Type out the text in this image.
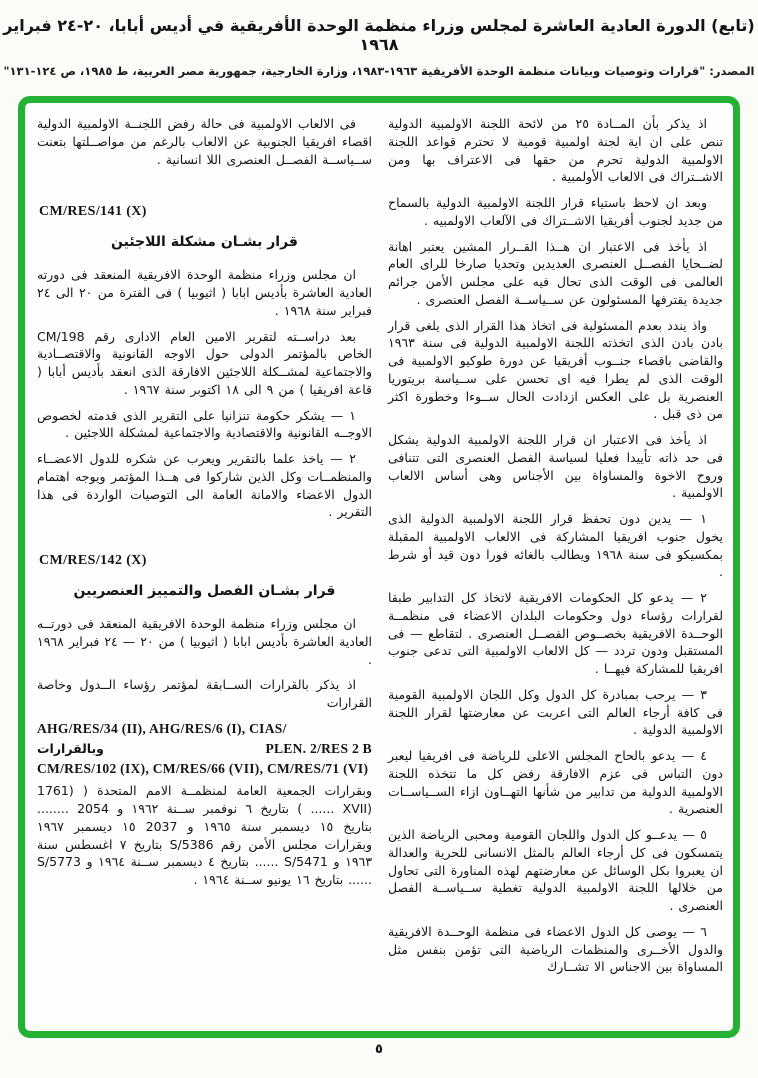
(تابع) الدورة العادية العاشرة لمجلس وزراء منظمة الوحدة الأفريقية في أديس أبابا، ٢٠-٢٤ فبراير ١٩٦٨
المصدر: "قرارات وتوصيات وبيانات منظمة الوحدة الأفريقية ١٩٦٣-١٩٨٣، وزارة الخارجية، جمهورية مصر العربية، ط ١٩٨٥، ص ١٢٤-١٣١"

اذ يذكر بأن المــادة ٢٥ من لائحة اللجنة الاولمبية الدولية تنص على ان اية لجنة اولمبية قومية لا تحترم قواعد اللجنة الاولمبية الدولية تحرم من حقها فى الاعتراف بها ومن الاشــتراك فى الالعاب الأولمبية .

وبعد ان لاحظ باستياء قرار اللجنة الاولمبية الدولية بالسماح من جديد لجنوب أفريقيا الاشــتراك فى الآلعاب الاولمبيه .

اذ يأخذ فى الاعتبار ان هــذا القــرار المشين يعتبر اهانة لضــحايا الفصــل العنصرى العديدين وتحديا صارخا للراى العام العالمى فى الوقت الذى تحال فيه على مجلس الأمن جرائم جديدة يقترفها المسئولون عن ســياســة الفصل العنصرى .

واذ يندد بعدم المسئولية فى اتخاذ هذا القرار الذى يلغى قرار بادن بادن الذى اتخذته اللجنة الاولمبية الدولية فى سنة ١٩٦٣ والقاضى باقصاء جنــوب أفريقيا عن دورة طوكيو الاولمبية فى الوقت الذى لم يطرا فيه اى تحسن على ســياسة بريتوريا العنصرية بل على العكس ازدادت الحال ســوءا وخطورة اكثر من ذى قبل .

اذ يأخذ فى الاعتبار ان قرار اللجنة الاولمبية الدولية يشكل فى حد ذاته تأييدا فعليا لسياسة الفصل العنصرى التى تتنافى وروح الاخوة والمساواة بين الأجناس وهى أساس الالعاب الاولمبية .

١ — يدين دون تحفظ قرار اللجنة الاولمبية الدولية الذى يخول جنوب افريقيا المشاركة فى الالعاب الاولمبية المقبلة بمكسيكو فى سنة ١٩٦٨ ويطالب بالغائه فورا دون قيد أو شرط .

٢ — يدعو كل الحكومات الافريقية لاتخاذ كل التدابير طبقا لقرارات رؤساء دول وحكومات البلدان الاعضاء فى منظمــة الوحــدة الافريقية بخصــوص الفصــل العنصرى . لتقاطع — فى المستقبل ودون تردد — كل الالعاب الاولمبية التى تدعى جنوب افريقيا للمشاركة فيهــا .

٣ — يرحب بمبادرة كل الدول وكل اللجان الاولمبية القومية فى كافة أرجاء العالم التى اعربت عن معارضتها لقرار اللجنة الاولمبية الدولية .

٤ — يدعو بالحاح المجلس الاعلى للرياضة فى افريقيا ليعبر دون التباس فى عزم الافارقة رفض كل ما تتخذه اللجنة الاولمبية الدولية من تدابير من شأنها التهــاون ازاء الســياســات العنصرية .

٥ — يدعــو كل الدول واللجان القومية ومحبى الرياضة الذين يتمسكون فى كل أرجاء العالم بالمثل الانسانى للحرية والعدالة ان يعبروا بكل الوسائل عن معارضتهم لهذه المناورة التى تحاول من خلالها اللجنة الاولمبية الدولية تغطية ســياســة الفصل العنصرى .

٦ — يوصى كل الدول الاعضاء فى منظمة الوحــدة الافريقية والدول الأخــرى والمنظمات الرياضية التى تؤمن بنفس مثل المساواة بين الاجناس الا تشــارك

فى الالعاب الاولمبية فى حالة رفض اللجنــة الاولمبية الدولية اقصاء افريقيا الجنوبية عن الالعاب بالرغم من مواصــلتها بتعنت ســياســة الفصــل العنصرى اللا انسانية .

CM/RES/141 (X)
قرار بشـان مشكلة اللاجئين

ان مجلس وزراء منظمة الوحدة الافريقية المنعقد فى دورته العادية العاشرة بأديس ابابا ( اثيوبيا ) فى الفترة من ٢٠ الى ٢٤ فبراير سنة ١٩٦٨ .

بعد دراســته لتقرير الامين العام الادارى رقم CM/198 الخاص بالمؤتمر الدولى حول الاوجه القانونية والاقتصــادية والاجتماعية لمشــكلة اللاجئين الافارقة الذى انعقد بأديس أبابا ( قاعة افريقيا ) من ٩ الى ١٨ اكتوبر سنة ١٩٦٧ .

١ — يشكر حكومة تنزانيا على التقرير الذى قدمته لخصوص الاوجــه القانونية والاقتصادية والاجتماعية لمشكلة اللاجئين .

٢ — ياخذ علما بالتقرير ويعرب عن شكره للدول الاعضــاء والمنظمــات وكل الذين شاركوا فى هــذا المؤتمر ويوجه اهتمام الدول الاعضاء والامانة العامة الى التوصيات الواردة فى هذا التقرير .

CM/RES/142 (X)
قرار بشـان الفصل والتمييز العنصريين

ان مجلس وزراء منظمة الوحدة الافريقية المنعقد فى دورتــه العادية العاشرة بأديس ابابا ( اثيوبيا ) من ٢٠ — ٢٤ فبراير ١٩٦٨ .

اذ يذكر بالقرارات الســابقة لمؤتمر رؤساء الــدول وخاصة القرارات

AHG/RES/34 (II), AHG/RES/6 (I), CIAS/
وبالقرارات	PLEN. 2/RES 2 B
CM/RES/102 (IX), CM/RES/66 (VII), CM/RES/71 (VI)

وبقرارات الجمعية العامة لمنظمــة الامم المتحدة ( (1761 (XVII ...... ) بتاريخ ٦ نوفمبر ســنة ١٩٦٢ و 2054 ........ بتاريخ ١٥ ديسمبر سنة ١٩٦٥ و 2037 ١٥ ديسمبر ١٩٦٧ وبقرارات مجلس الأمن رقم S/5386 بتاريخ ٧ اغسطس سنة ١٩٦٣ و S/5471 ...... بتاريخ ٤ ديسمبر ســنة ١٩٦٤ و S/5773 ...... بتاريخ ١٦ يونيو ســنة ١٩٦٤ .

٥
